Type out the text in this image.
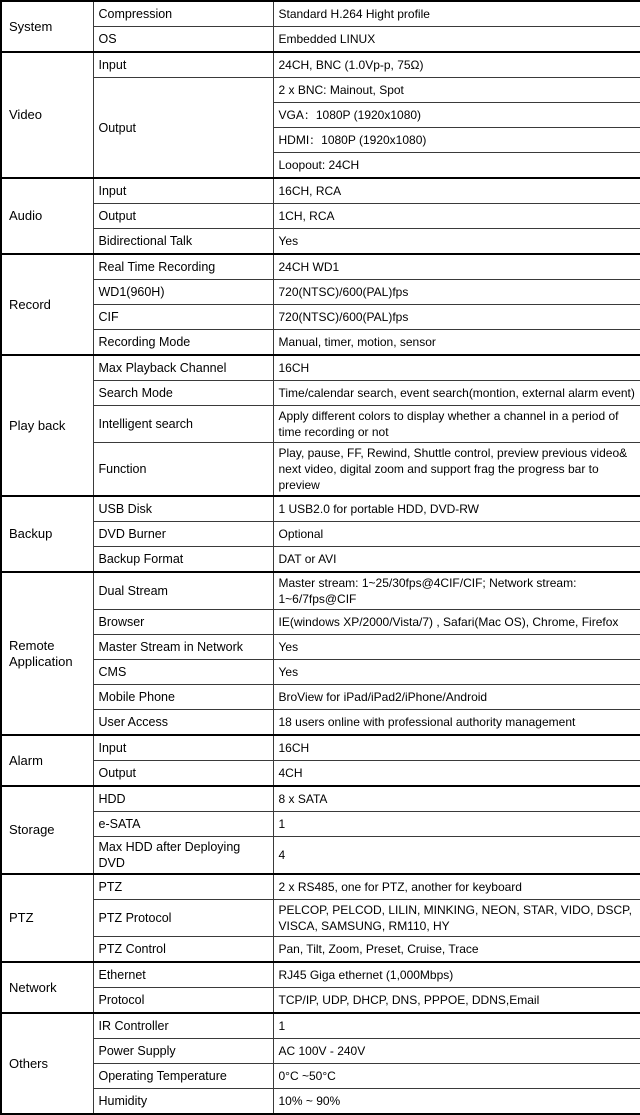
System	Compression	Standard H.264 Hight profile
	OS	Embedded LINUX
Video	Input	24CH, BNC (1.0Vp-p, 75Ω)
	Output	2 x BNC: Mainout, Spot
		VGA：1080P (1920x1080)
		HDMI：1080P (1920x1080)
		Loopout: 24CH
Audio	Input	16CH, RCA
	Output	1CH, RCA
	Bidirectional Talk	Yes
Record	Real Time Recording	24CH WD1
	WD1(960H)	720(NTSC)/600(PAL)fps
	CIF	720(NTSC)/600(PAL)fps
	Recording Mode	Manual, timer, motion, sensor
Play back	Max Playback Channel	16CH
	Search Mode	Time/calendar search, event search(montion, external alarm event)
	Intelligent search	Apply different colors to display whether a channel in a period of time recording or not
	Function	Play, pause, FF, Rewind, Shuttle control, preview previous video& next video, digital zoom and support frag the progress bar to preview
Backup	USB Disk	1 USB2.0 for portable HDD, DVD-RW
	DVD Burner	Optional
	Backup Format	DAT or AVI
Remote Application	Dual Stream	Master stream: 1~25/30fps@4CIF/CIF; Network stream: 1~6/7fps@CIF
	Browser	IE(windows XP/2000/Vista/7) , Safari(Mac OS), Chrome, Firefox
	Master Stream in Network	Yes
	CMS	Yes
	Mobile Phone	BroView for iPad/iPad2/iPhone/Android
	User Access	18 users online with professional authority management
Alarm	Input	16CH
	Output	4CH
Storage	HDD	8 x SATA
	e-SATA	1
	Max HDD after Deploying DVD	4
PTZ	PTZ	2 x RS485, one for PTZ, another for keyboard
	PTZ Protocol	PELCOP, PELCOD, LILIN, MINKING, NEON, STAR, VIDO, DSCP, VISCA, SAMSUNG, RM110, HY
	PTZ Control	Pan, Tilt, Zoom, Preset, Cruise, Trace
Network	Ethernet	RJ45 Giga ethernet (1,000Mbps)
	Protocol	TCP/IP, UDP, DHCP, DNS, PPPOE, DDNS,Email
Others	IR Controller	1
	Power Supply	AC 100V - 240V
	Operating Temperature	0°C ~50°C
	Humidity	10% ~ 90%
